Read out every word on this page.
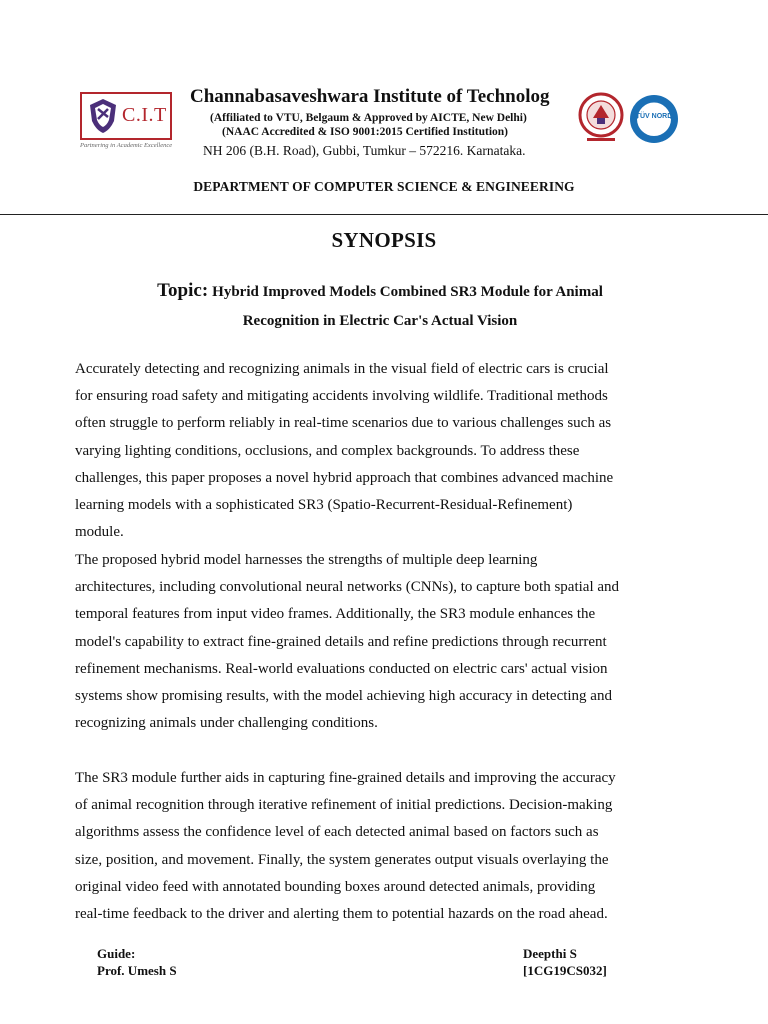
C.I.T
Partnering in Academic Excellence
Channabasaveshwara Institute of Technolog
(Affiliated to VTU, Belgaum & Approved by AICTE, New Delhi)
(NAAC Accredited & ISO 9001:2015 Certified Institution)
NH 206 (B.H. Road), Gubbi, Tumkur – 572216. Karnataka.
TÜV NORD
DEPARTMENT OF COMPUTER SCIENCE & ENGINEERING
SYNOPSIS
Topic: Hybrid Improved Models Combined SR3 Module for Animal
Recognition in Electric Car's Actual Vision
Accurately detecting and recognizing animals in the visual field of electric cars is crucial
for ensuring road safety and mitigating accidents involving wildlife. Traditional methods
often struggle to perform reliably in real-time scenarios due to various challenges such as
varying lighting conditions, occlusions, and complex backgrounds. To address these
challenges, this paper proposes a novel hybrid approach that combines advanced machine
learning models with a sophisticated SR3 (Spatio-Recurrent-Residual-Refinement)
module.
The proposed hybrid model harnesses the strengths of multiple deep learning
architectures, including convolutional neural networks (CNNs), to capture both spatial and
temporal features from input video frames. Additionally, the SR3 module enhances the
model's capability to extract fine-grained details and refine predictions through recurrent
refinement mechanisms. Real-world evaluations conducted on electric cars' actual vision
systems show promising results, with the model achieving high accuracy in detecting and
recognizing animals under challenging conditions.
The SR3 module further aids in capturing fine-grained details and improving the accuracy
of animal recognition through iterative refinement of initial predictions. Decision-making
algorithms assess the confidence level of each detected animal based on factors such as
size, position, and movement. Finally, the system generates output visuals overlaying the
original video feed with annotated bounding boxes around detected animals, providing
real-time feedback to the driver and alerting them to potential hazards on the road ahead.
Guide:
Prof. Umesh S
Deepthi S
[1CG19CS032]
